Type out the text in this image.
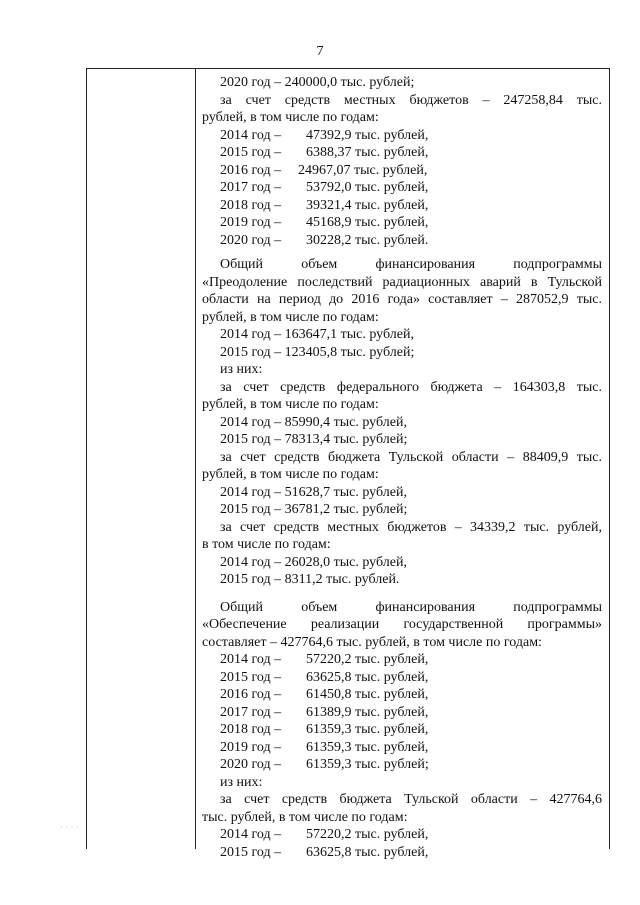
7
2020 год – 240000,0 тыс. рублей;
за счет средств местных бюджетов – 247258,84 тыс.
рублей, в том числе по годам:
2014 год – 47392,9 тыс. рублей,
2015 год – 6388,37 тыс. рублей,
2016 год – 24967,07 тыс. рублей,
2017 год – 53792,0 тыс. рублей,
2018 год – 39321,4 тыс. рублей,
2019 год – 45168,9 тыс. рублей,
2020 год – 30228,2 тыс. рублей.
Общий объем финансирования подпрограммы
«Преодоление последствий радиационных аварий в Тульской
области на период до 2016 года» составляет – 287052,9 тыс.
рублей, в том числе по годам:
2014 год – 163647,1 тыс. рублей,
2015 год – 123405,8 тыс. рублей;
из них:
за счет средств федерального бюджета – 164303,8 тыс.
рублей, в том числе по годам:
2014 год – 85990,4 тыс. рублей,
2015 год – 78313,4 тыс. рублей;
за счет средств бюджета Тульской области – 88409,9 тыс.
рублей, в том числе по годам:
2014 год – 51628,7 тыс. рублей,
2015 год – 36781,2 тыс. рублей;
за счет средств местных бюджетов – 34339,2 тыс. рублей,
в том числе по годам:
2014 год – 26028,0 тыс. рублей,
2015 год – 8311,2 тыс. рублей.
Общий объем финансирования подпрограммы
«Обеспечение реализации государственной программы»
составляет – 427764,6 тыс. рублей, в том числе по годам:
2014 год – 57220,2 тыс. рублей,
2015 год – 63625,8 тыс. рублей,
2016 год – 61450,8 тыс. рублей,
2017 год – 61389,9 тыс. рублей,
2018 год – 61359,3 тыс. рублей,
2019 год – 61359,3 тыс. рублей,
2020 год – 61359,3 тыс. рублей;
из них:
за счет средств бюджета Тульской области – 427764,6
тыс. рублей, в том числе по годам:
2014 год – 57220,2 тыс. рублей,
2015 год – 63625,8 тыс. рублей,
· · · ·
